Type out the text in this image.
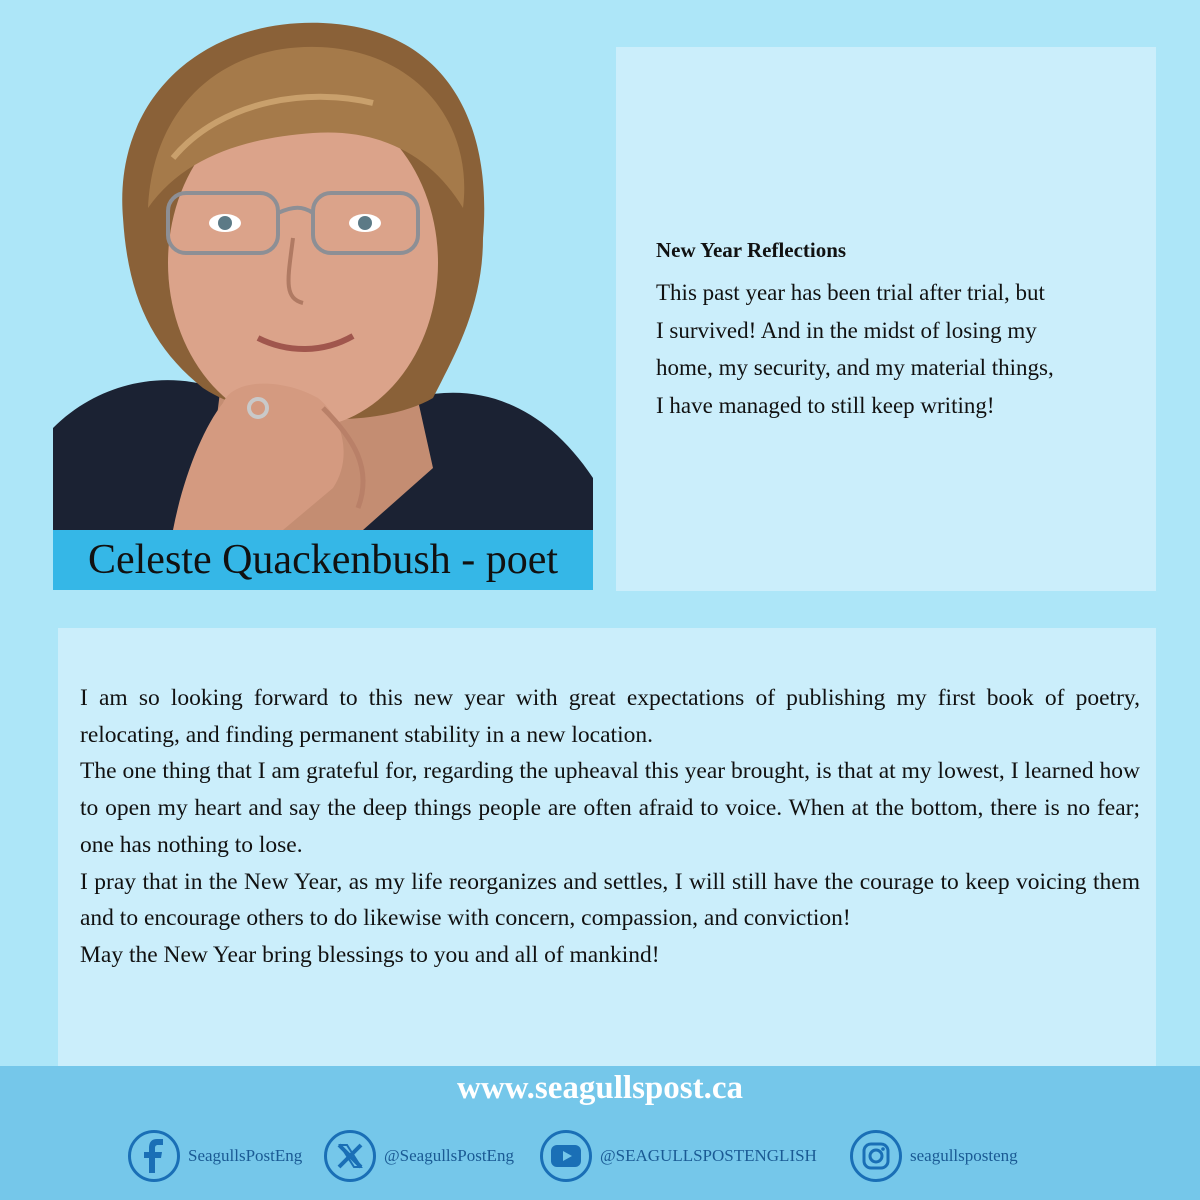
Celeste Quackenbush - poet
New Year Reflections
This past year has been trial after trial, but
I survived! And in the midst of losing my
home, my security, and my material things,
I have managed to still keep writing!

I am so looking forward to this new year with great expectations of publishing my first book of poetry, relocating, and finding permanent stability in a new location.

The one thing that I am grateful for, regarding the upheaval this year brought, is that at my lowest, I learned how to open my heart and say the deep things people are often afraid to voice. When at the bottom, there is no fear; one has nothing to lose.

I pray that in the New Year, as my life reorganizes and settles, I will still have the courage to keep voicing them and to encourage others to do likewise with concern, compassion, and conviction!

May the New Year bring blessings to you and all of mankind!

www.seagullspost.ca
SeagullsPostEng	@SeagullsPostEng	@SEAGULLSPOSTENGLISH	seagullsposteng
